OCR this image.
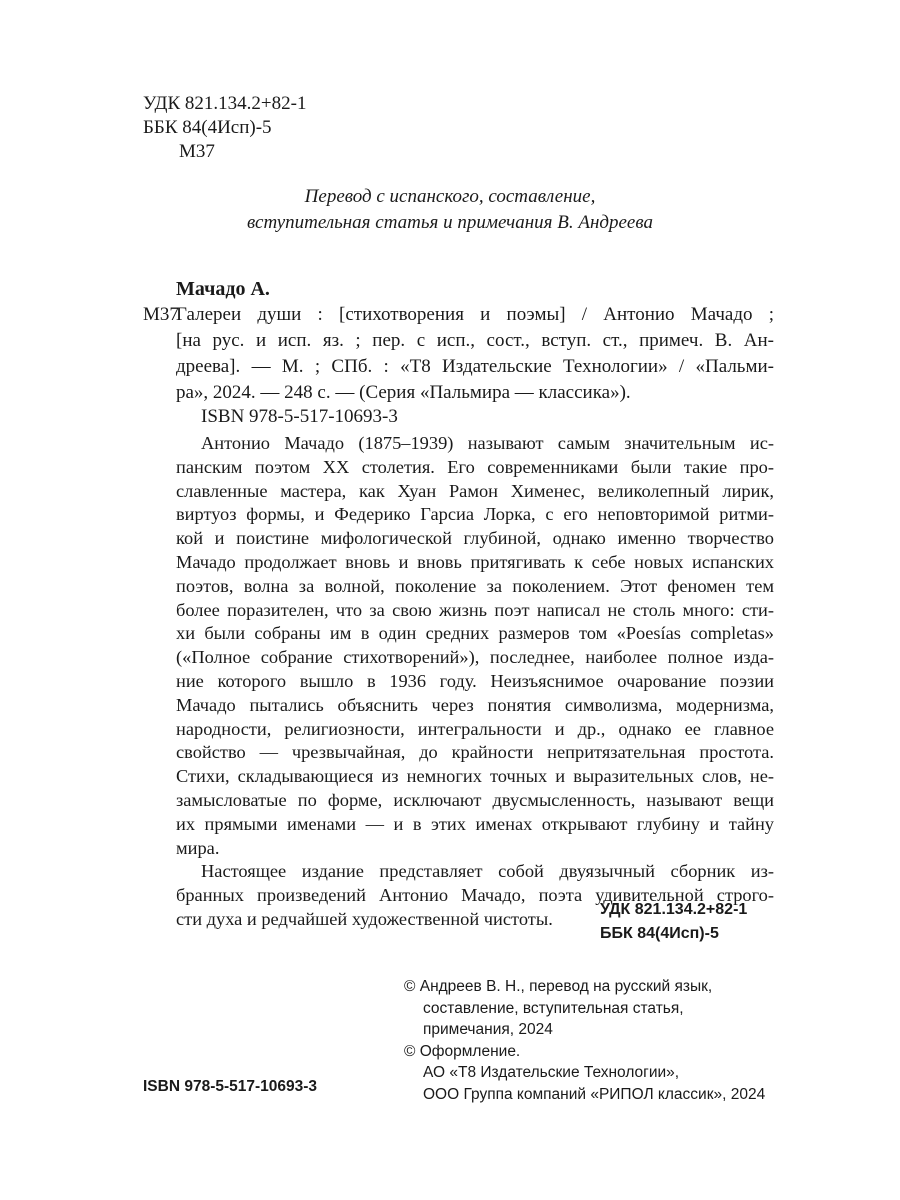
УДК 821.134.2+82-1
ББК 84(4Исп)-5
М37
Перевод с испанского, составление,
вступительная статья и примечания В. Андреева
Мачадо А.
М37

Галереи души : [стихотворения и поэмы] / Антонио Мачадо ;

[на рус. и исп. яз. ; пер. с исп., сост., вступ. ст., примеч. В. Ан-

дреева]. — М. ; СПб. : «Т8 Издательские Технологии» / «Пальми-

ра», 2024. — 248 с. — (Серия «Пальмира — классика»).

ISBN 978-5-517-10693-3
Антонио Мачадо (1875–1939) называют самым значительным ис-
панским поэтом XX столетия. Его современниками были такие про-
славленные мастера, как Хуан Рамон Хименес, великолепный лирик,
виртуоз формы, и Федерико Гарсиа Лорка, с его неповторимой ритми-
кой и поистине мифологической глубиной, однако именно творчество
Мачадо продолжает вновь и вновь притягивать к себе новых испанских
поэтов, волна за волной, поколение за поколением. Этот феномен тем
более поразителен, что за свою жизнь поэт написал не столь много: сти-
хи были собраны им в один средних размеров том «Poesías completas»
(«Полное собрание стихотворений»), последнее, наиболее полное изда-
ние которого вышло в 1936 году. Неизъяснимое очарование поэзии
Мачадо пытались объяснить через понятия символизма, модернизма,
народности, религиозности, интегральности и др., однако ее главное
свойство — чрезвычайная, до крайности непритязательная простота.
Стихи, складывающиеся из немногих точных и выразительных слов, не-
замысловатые по форме, исключают двусмысленность, называют вещи
их прямыми именами — и в этих именах открывают глубину и тайну
мира.
Настоящее издание представляет собой двуязычный сборник из-
бранных произведений Антонио Мачадо, поэта удивительной строго-
сти духа и редчайшей художественной чистоты.	УДК 821.134.2+82-1
ББК 84(4Исп)-5
© Андреев В. Н., перевод на русский язык,
составление, вступительная статья,
примечания, 2024
© Оформление.
АО «Т8 Издательские Технологии»,
ООО Группа компаний «РИПОЛ классик», 2024
ISBN 978-5-517-10693-3
